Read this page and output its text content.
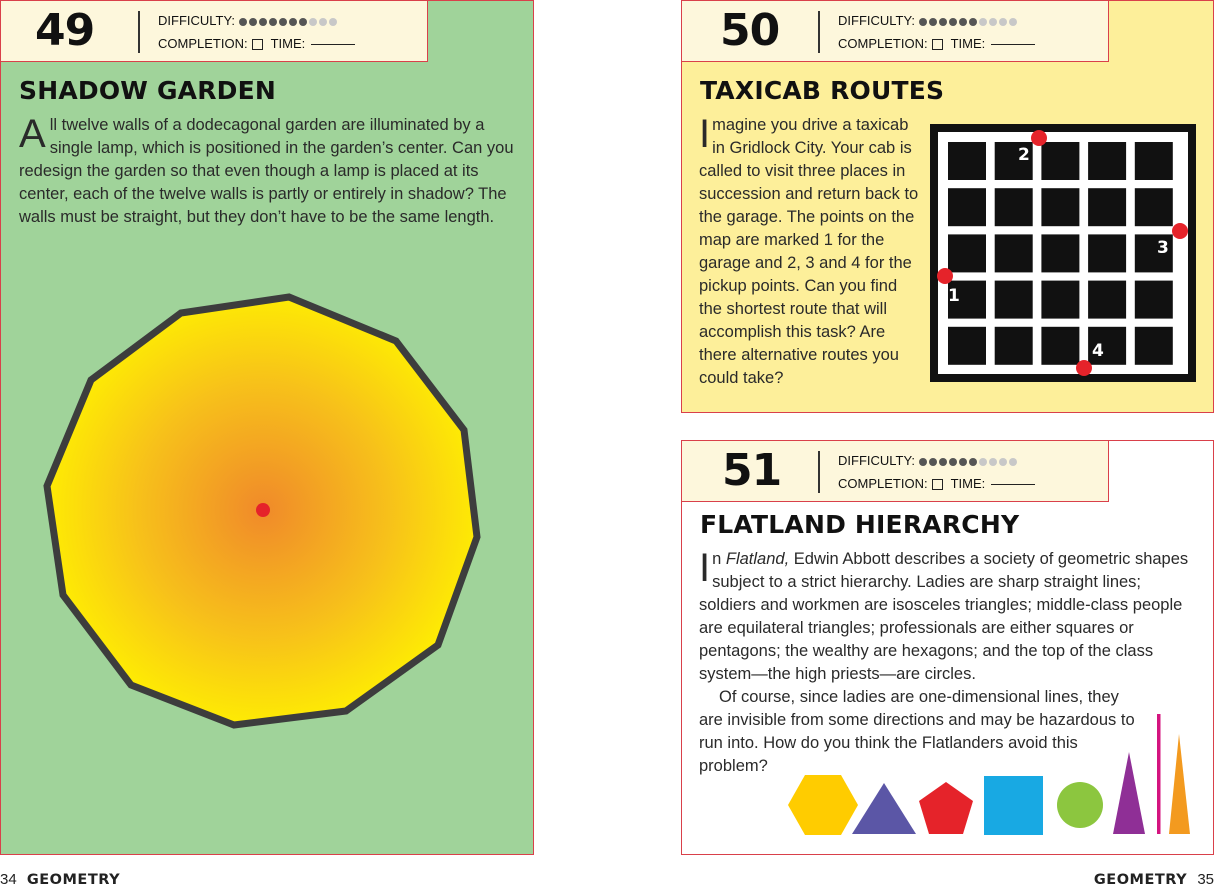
49	DIFFICULTY:
COMPLETION: TIME:
SHADOW GARDEN
All twelve walls of a dodecagonal garden are illuminated by a single lamp, which is positioned in the garden’s center. Can you redesign the garden so that even though a lamp is placed at its center, each of the twelve walls is partly or entirely in shadow? The walls must be straight, but they don’t have to be the same length.
50	DIFFICULTY:
COMPLETION: TIME:
TAXICAB ROUTES
Imagine you drive a taxicab in Gridlock City. Your cab is called to visit three places in succession and return back to the garage. The points on the map are marked 1 for the garage and 2, 3 and 4 for the pickup points. Can you find the shortest route that will accomplish this task? Are there alternative routes you could take?
1
2
3
4
51	DIFFICULTY:
COMPLETION: TIME:
FLATLAND HIERARCHY
In Flatland, Edwin Abbott describes a society of geometric shapes subject to a strict hierarchy. Ladies are sharp straight lines; soldiers and workmen are isosceles triangles; middle-class people are equilateral triangles; professionals are either squares or pentagons; the wealthy are hexagons; and the top of the class system—the high priests—are circles.
Of course, since ladies are one-dimensional lines, they are invisible from some directions and may be hazardous to run into. How do you think the Flatlanders avoid this problem?
34 GEOMETRY	GEOMETRY 35
